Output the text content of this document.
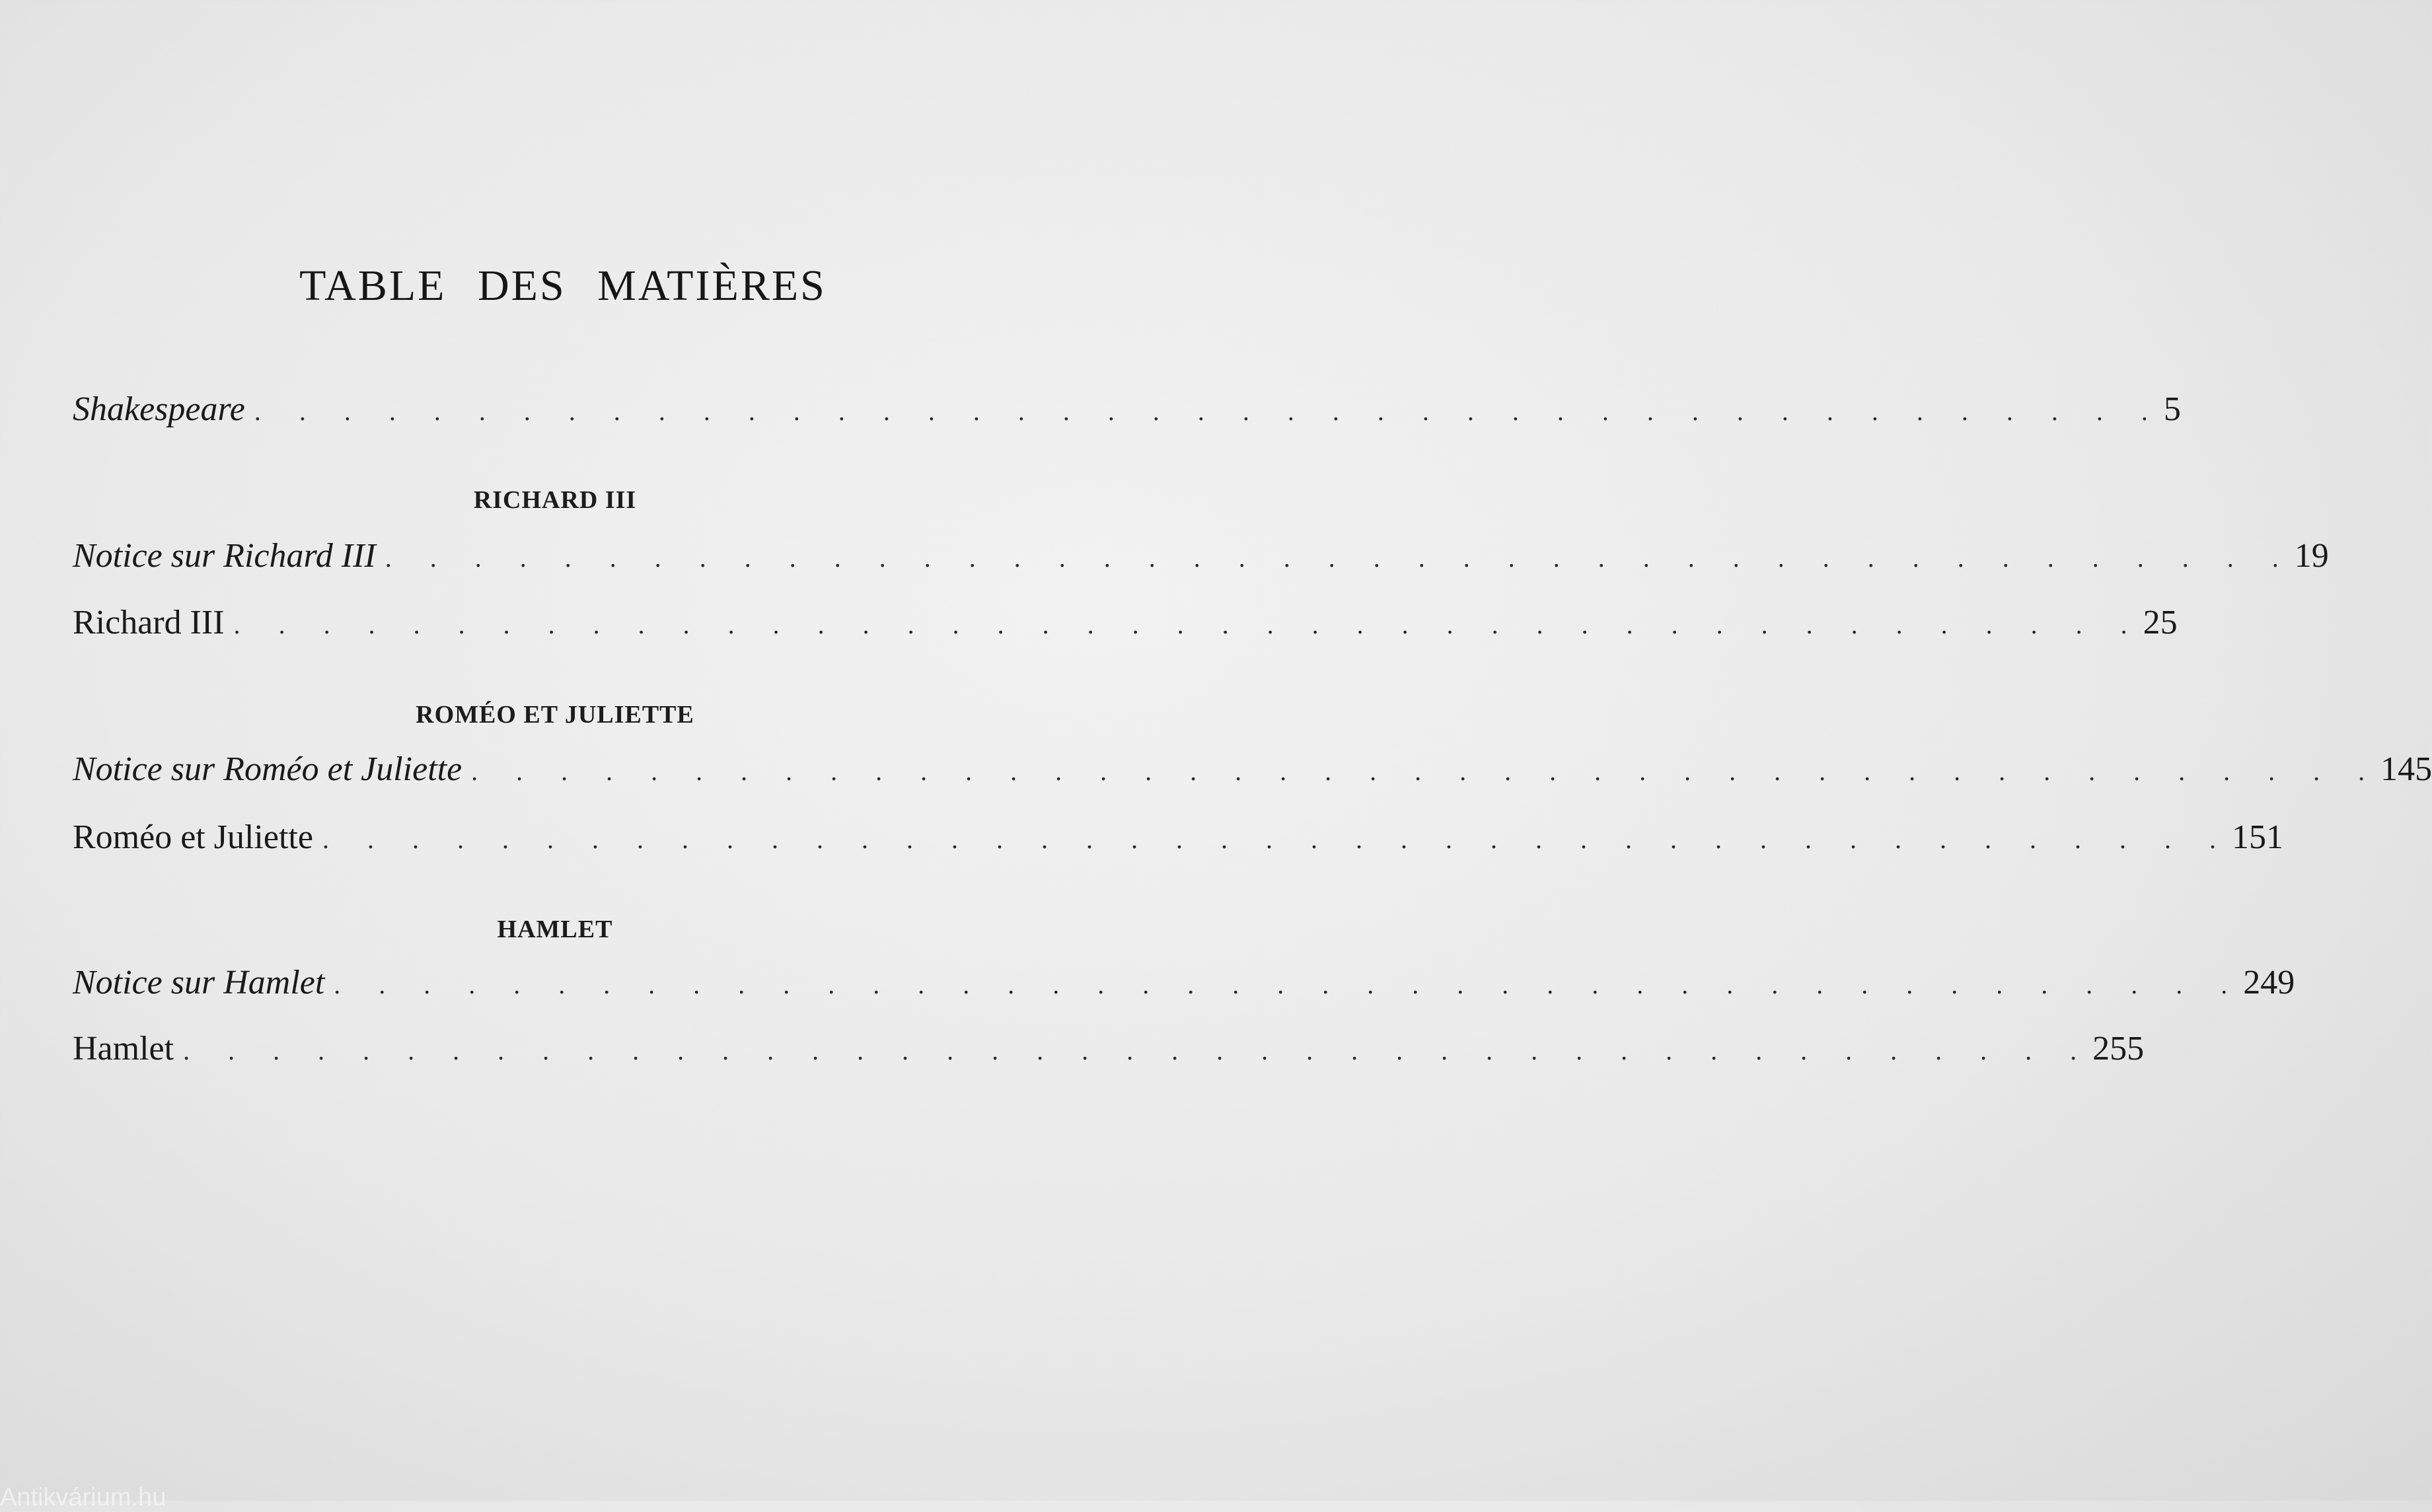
TABLE DES MATIÈRES
Shakespeare . . . . . . . . . . . . . . . . . . . . . . . . . . . . . . . . . . . . . . . . . . . 5
RICHARD III
Notice sur Richard III . . . . . . . . . . . . . . . . . . . . . . . . . . . . . . . . . . . . . . . . . . . 19
Richard III . . . . . . . . . . . . . . . . . . . . . . . . . . . . . . . . . . . . . . . . . . . 25
ROMÉO ET JULIETTE
Notice sur Roméo et Juliette . . . . . . . . . . . . . . . . . . . . . . . . . . . . . . . . . . . . . . . . . . . 145
Roméo et Juliette . . . . . . . . . . . . . . . . . . . . . . . . . . . . . . . . . . . . . . . . . . . 151
HAMLET
Notice sur Hamlet . . . . . . . . . . . . . . . . . . . . . . . . . . . . . . . . . . . . . . . . . . . 249
Hamlet . . . . . . . . . . . . . . . . . . . . . . . . . . . . . . . . . . . . . . . . . . . 255
Antikvárium.hu
